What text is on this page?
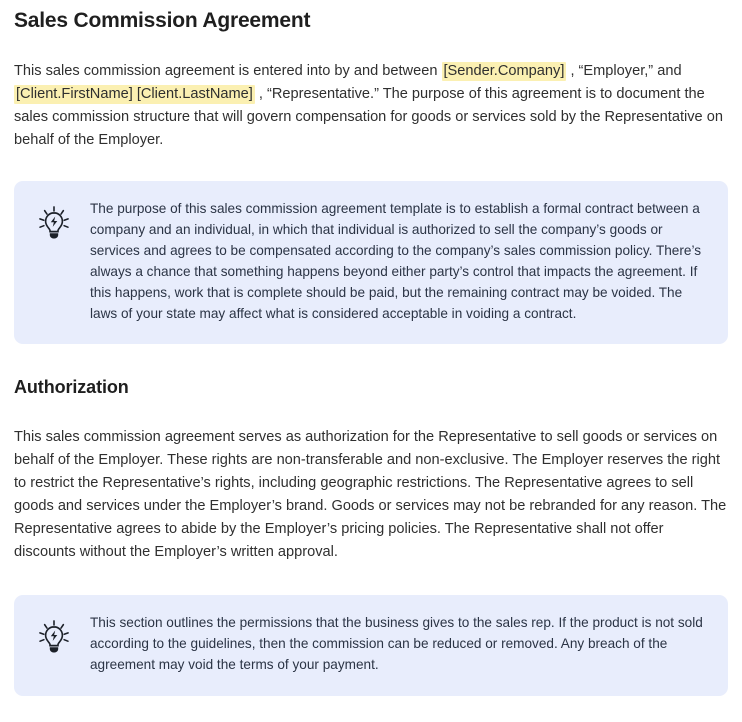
Sales Commission Agreement

This sales commission agreement is entered into by and between [Sender.Company] , “Employer,” and [Client.FirstName] [Client.LastName] , “Representative.” The purpose of this agreement is to document the sales commission structure that will govern compensation for goods or services sold by the Representative on behalf of the Employer.

The purpose of this sales commission agreement template is to establish a formal contract between a company and an individual, in which that individual is authorized to sell the company’s goods or services and agrees to be compensated according to the company’s sales commission policy. There’s always a chance that something happens beyond either party’s control that impacts the agreement. If this happens, work that is complete should be paid, but the remaining contract may be voided. The laws of your state may affect what is considered acceptable in voiding a contract.

Authorization

This sales commission agreement serves as authorization for the Representative to sell goods or services on behalf of the Employer. These rights are non-transferable and non-exclusive. The Employer reserves the right to restrict the Representative’s rights, including geographic restrictions. The Representative agrees to sell goods and services under the Employer’s brand. Goods or services may not be rebranded for any reason. The Representative agrees to abide by the Employer’s pricing policies. The Representative shall not offer discounts without the Employer’s written approval.

This section outlines the permissions that the business gives to the sales rep. If the product is not sold according to the guidelines, then the commission can be reduced or removed. Any breach of the agreement may void the terms of your payment.
